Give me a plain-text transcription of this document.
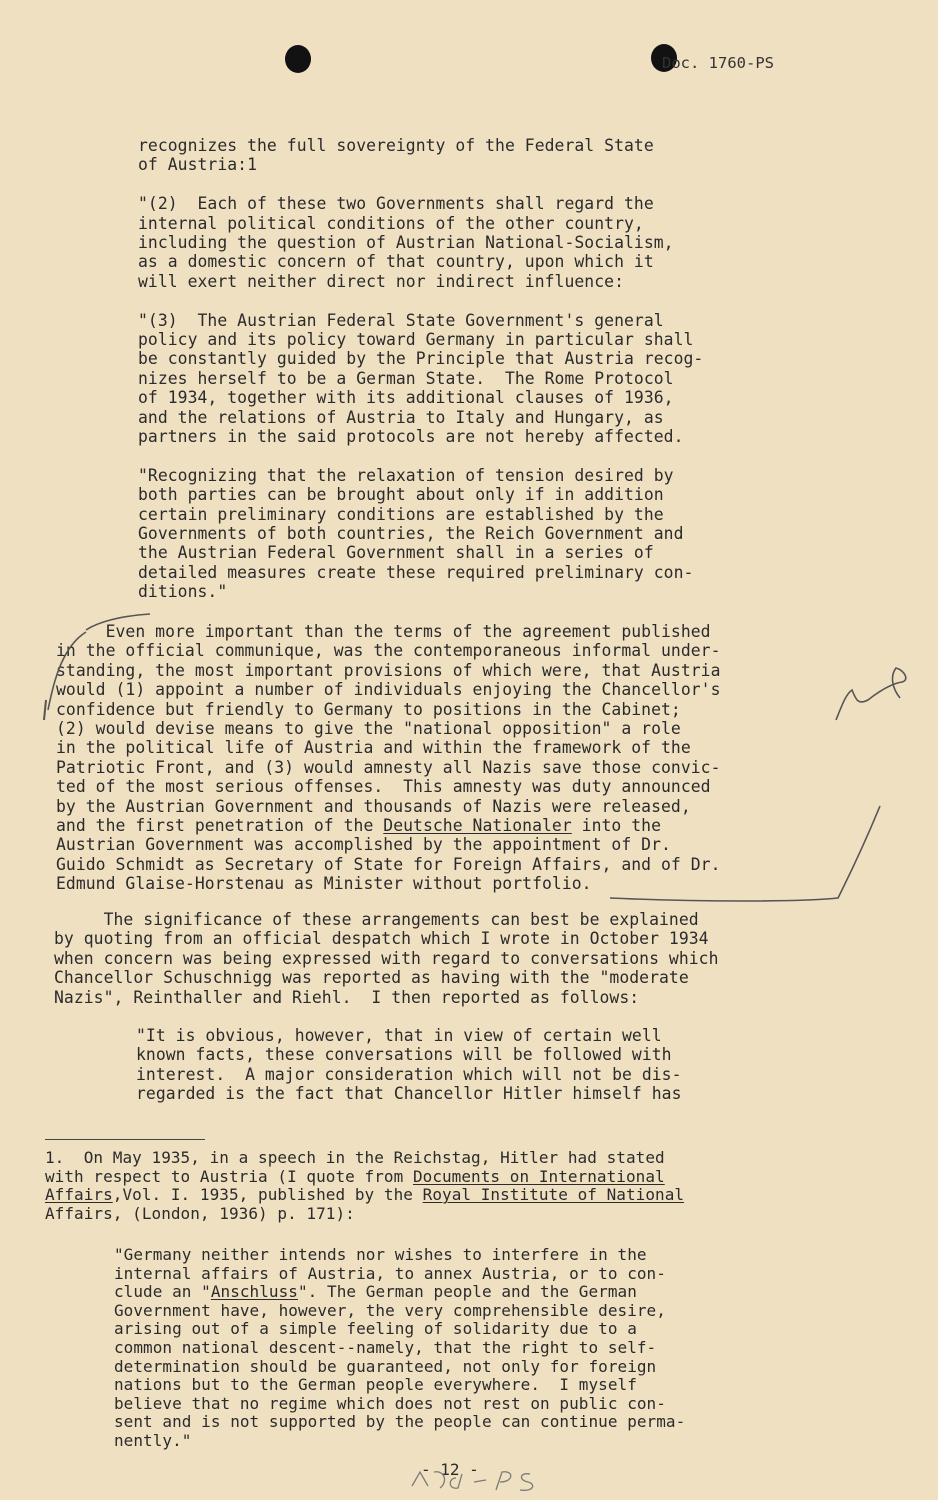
Doc. 1760-PS
recognizes the full sovereignty of the Federal State
of Austria:1
"(2)  Each of these two Governments shall regard the
internal political conditions of the other country,
including the question of Austrian National-Socialism,
as a domestic concern of that country, upon which it
will exert neither direct nor indirect influence:
"(3)  The Austrian Federal State Government's general
policy and its policy toward Germany in particular shall
be constantly guided by the Principle that Austria recog-
nizes herself to be a German State.  The Rome Protocol
of 1934, together with its additional clauses of 1936,
and the relations of Austria to Italy and Hungary, as
partners in the said protocols are not hereby affected.
"Recognizing that the relaxation of tension desired by
both parties can be brought about only if in addition
certain preliminary conditions are established by the
Governments of both countries, the Reich Government and
the Austrian Federal Government shall in a series of
detailed measures create these required preliminary con-
ditions."
Even more important than the terms of the agreement published
in the official communique, was the contemporaneous informal under-
standing, the most important provisions of which were, that Austria
would (1) appoint a number of individuals enjoying the Chancellor's
confidence but friendly to Germany to positions in the Cabinet;
(2) would devise means to give the "national opposition" a role
in the political life of Austria and within the framework of the
Patriotic Front, and (3) would amnesty all Nazis save those convic-
ted of the most serious offenses.  This amnesty was duty announced
by the Austrian Government and thousands of Nazis were released,
and the first penetration of the Deutsche Nationaler into the
Austrian Government was accomplished by the appointment of Dr.
Guido Schmidt as Secretary of State for Foreign Affairs, and of Dr.
Edmund Glaise-Horstenau as Minister without portfolio.
The significance of these arrangements can best be explained
by quoting from an official despatch which I wrote in October 1934
when concern was being expressed with regard to conversations which
Chancellor Schuschnigg was reported as having with the "moderate
Nazis", Reinthaller and Riehl.  I then reported as follows:
"It is obvious, however, that in view of certain well
known facts, these conversations will be followed with
interest.  A major consideration which will not be dis-
regarded is the fact that Chancellor Hitler himself has
1.  On May 1935, in a speech in the Reichstag, Hitler had stated
with respect to Austria (I quote from Documents on International
Affairs,Vol. I. 1935, published by the Royal Institute of National
Affairs, (London, 1936) p. 171):
"Germany neither intends nor wishes to interfere in the
internal affairs of Austria, to annex Austria, or to con-
clude an "Anschluss". The German people and the German
Government have, however, the very comprehensible desire,
arising out of a simple feeling of solidarity due to a
common national descent--namely, that the right to self-
determination should be guaranteed, not only for foreign
nations but to the German people everywhere.  I myself
believe that no regime which does not rest on public con-
sent and is not supported by the people can continue perma-
nently."
- 12 -
